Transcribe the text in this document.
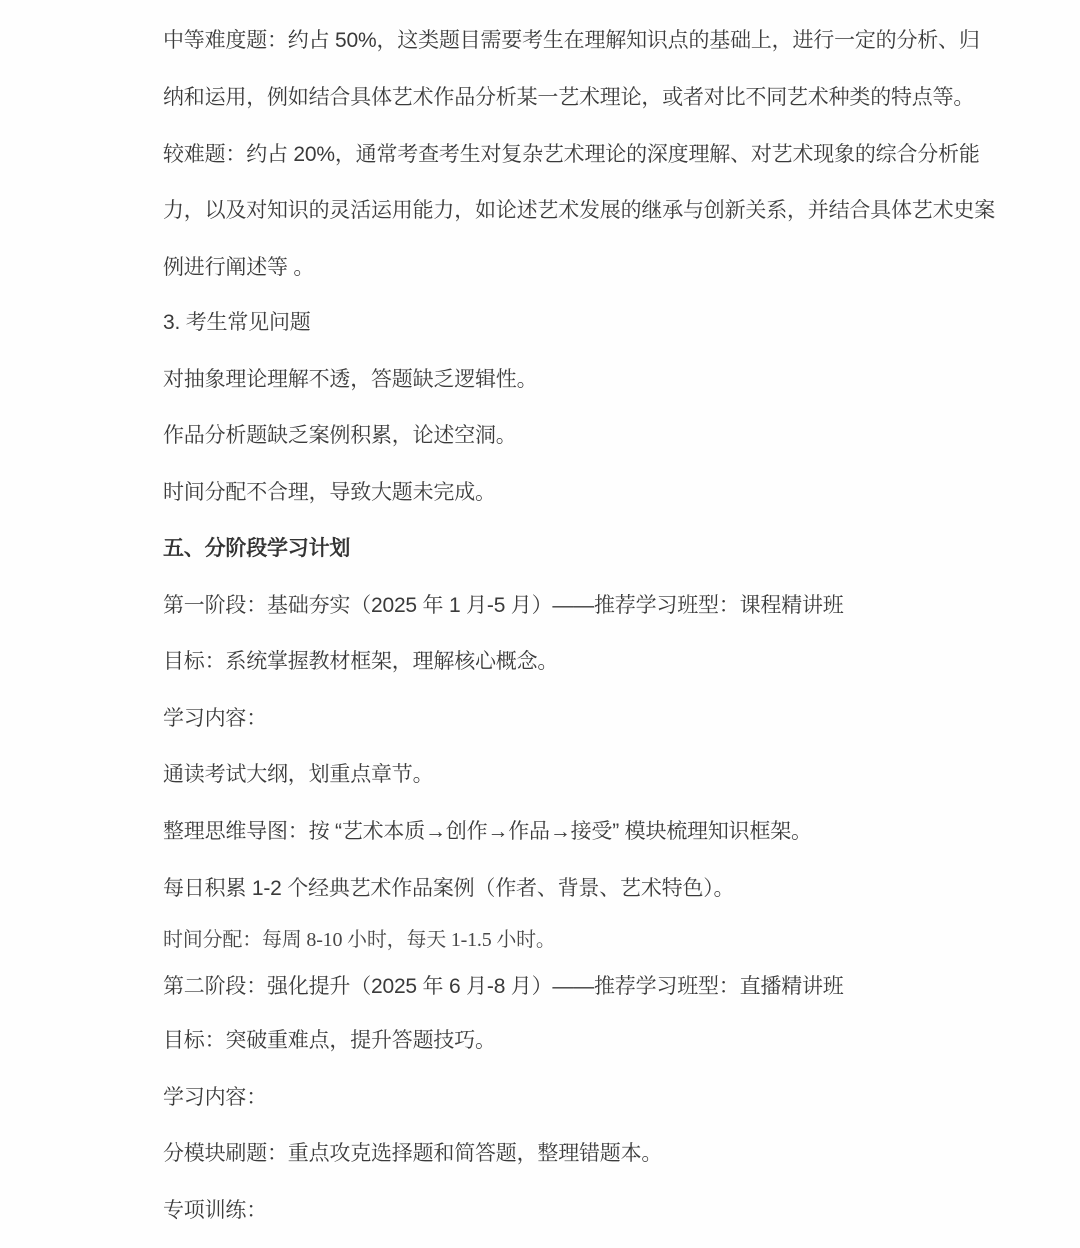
中等难度题：约占 50%，这类题目需要考生在理解知识点的基础上，进行一定的分析、归
纳和运用，例如结合具体艺术作品分析某一艺术理论，或者对比不同艺术种类的特点等。
较难题：约占 20%，通常考查考生对复杂艺术理论的深度理解、对艺术现象的综合分析能
力，以及对知识的灵活运用能力，如论述艺术发展的继承与创新关系，并结合具体艺术史案
例进行阐述等 。
3. 考生常见问题
对抽象理论理解不透，答题缺乏逻辑性。
作品分析题缺乏案例积累，论述空洞。
时间分配不合理，导致大题未完成。
五、分阶段学习计划
第一阶段：基础夯实（2025 年 1 月-5 月）——推荐学习班型：课程精讲班
目标：系统掌握教材框架，理解核心概念。
学习内容：
通读考试大纲，划重点章节。
整理思维导图：按 “艺术本质→创作→作品→接受” 模块梳理知识框架。
每日积累 1-2 个经典艺术作品案例（作者、背景、艺术特色）。
时间分配：每周 8-10 小时，每天 1-1.5 小时。
第二阶段：强化提升（2025 年 6 月-8 月）——推荐学习班型：直播精讲班
目标：突破重难点，提升答题技巧。
学习内容：
分模块刷题：重点攻克选择题和简答题，整理错题本。
专项训练：
